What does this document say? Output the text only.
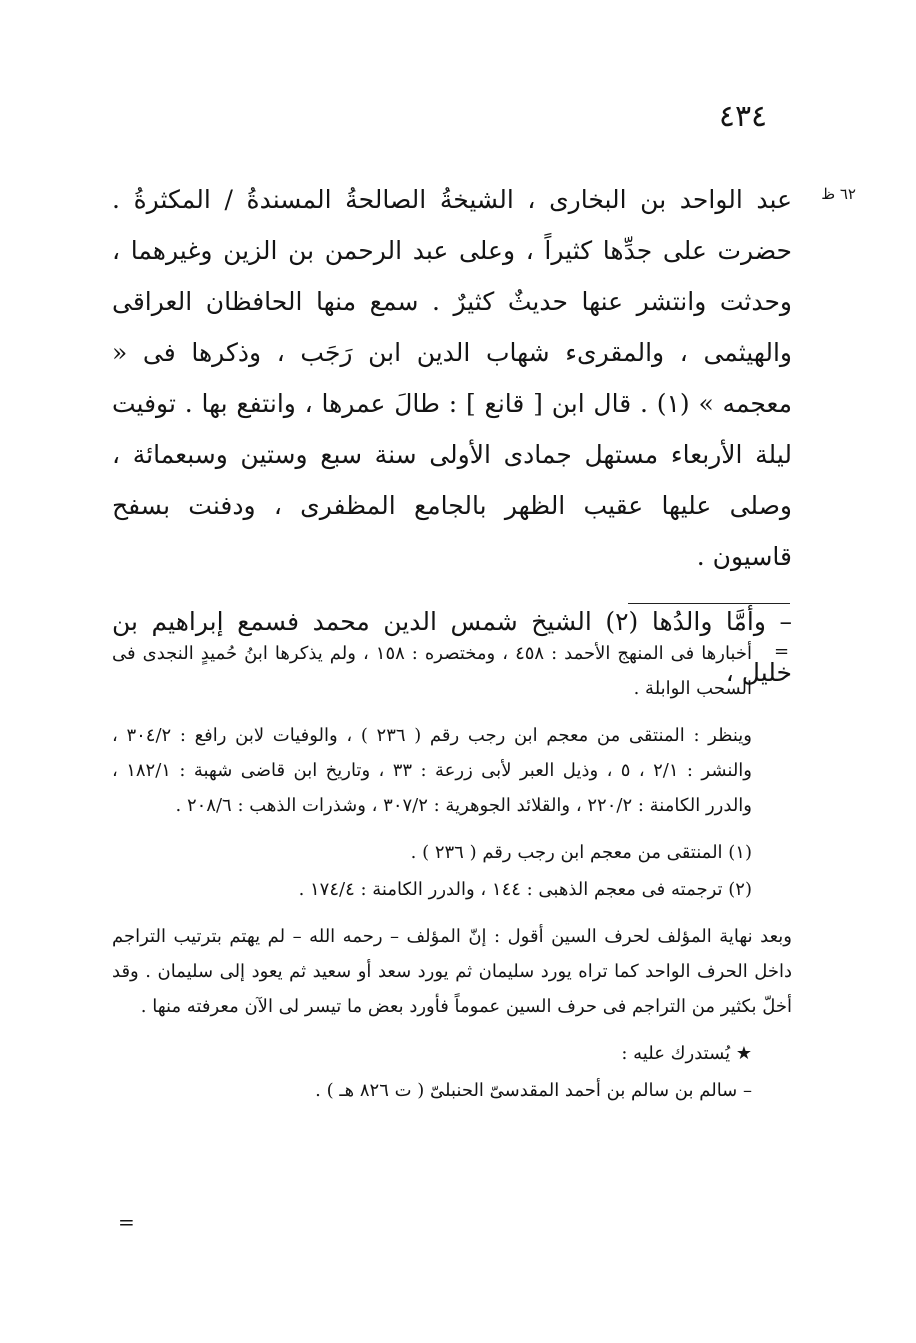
٤٣٤
٦٢ ظ

عبد الواحد بن البخارى ، الشيخةُ الصالحةُ المسندةُ / المكثرةُ . حضرت على جدِّها كثيراً ، وعلى عبد الرحمن بن الزين وغيرهما ، وحدثت وانتشر عنها حديثٌ كثيرٌ . سمع منها الحافظان العراقى والهيثمى ، والمقرىء شهاب الدين ابن رَجَب ، وذكرها فى « معجمه » (١) . قال ابن [ قانع ] : طالَ عمرها ، وانتفع بها . توفيت ليلة الأربعاء مستهل جمادى الأولى سنة سبع وستين وسبعمائة ، وصلى عليها عقيب الظهر بالجامع المظفرى ، ودفنت بسفح قاسيون .

– وأمَّا والدُها (٢) الشيخ شمس الدين محمد فسمع إبراهيم بن خليل ،

=

أخبارها فى المنهج الأحمد : ٤٥٨ ، ومختصره : ١٥٨ ، ولم يذكرها ابنُ حُميدٍ النجدى فى السحب الوابلة .

وينظر : المنتقى من معجم ابن رجب رقم ( ٢٣٦ ) ، والوفيات لابن رافع : ٣٠٤/٢ ، والنشر : ٢/١ ، ٥ ، وذيل العبر لأبى زرعة : ٣٣ ، وتاريخ ابن قاضى شهبة : ١٨٢/١ ، والدرر الكامنة : ٢٢٠/٢ ، والقلائد الجوهرية : ٣٠٧/٢ ، وشذرات الذهب : ٢٠٨/٦ .

(١) المنتقى من معجم ابن رجب رقم ( ٢٣٦ ) .

(٢) ترجمته فى معجم الذهبى : ١٤٤ ، والدرر الكامنة : ١٧٤/٤ .

وبعد نهاية المؤلف لحرف السين أقول : إنّ المؤلف – رحمه الله – لم يهتم بترتيب التراجم داخل الحرف الواحد كما تراه يورد سليمان ثم يورد سعد أو سعيد ثم يعود إلى سليمان . وقد أخلّ بكثير من التراجم فى حرف السين عموماً فأورد بعض ما تيسر لى الآن معرفته منها .

★ يُستدرك عليه :

– سالم بن سالم بن أحمد المقدسىّ الحنبلىّ ( ت ٨٢٦ هـ ) .

=
